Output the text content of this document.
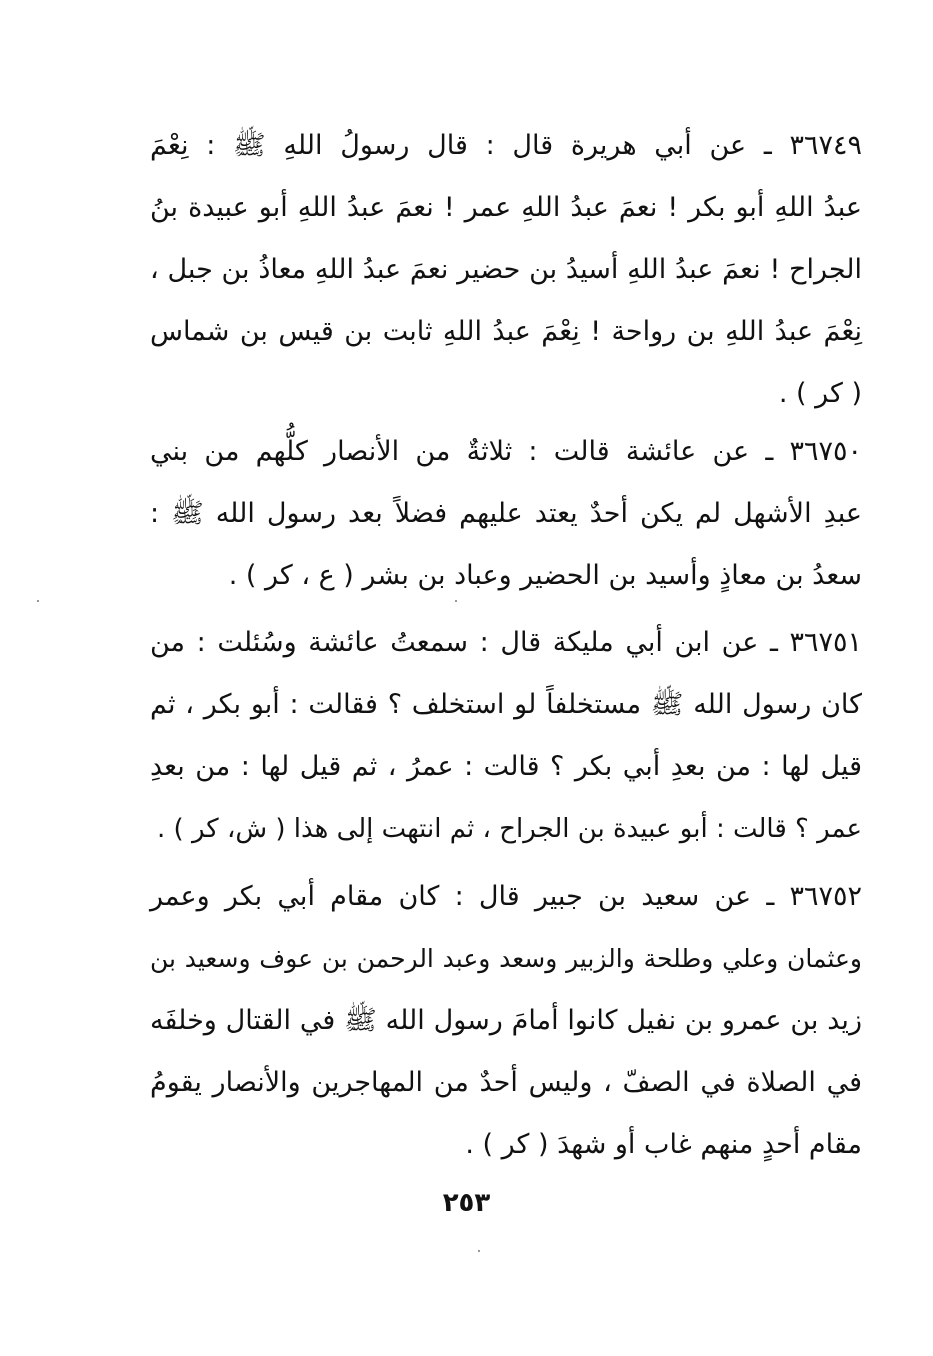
٣٦٧٤٩ ـ عن أبي هريرة قال : قال رسولُ اللهِ ﷺ : نِعْمَ
عبدُ اللهِ أبو بكر ! نعمَ عبدُ اللهِ عمر ! نعمَ عبدُ اللهِ أبو عبيدة بنُ
الجراح ! نعمَ عبدُ اللهِ أسيدُ بن حضير نعمَ عبدُ اللهِ معاذُ بن جبل ،
نِعْمَ عبدُ اللهِ بن رواحة ! نِعْمَ عبدُ اللهِ ثابت بن قيس بن شماس
( كر ) .
٣٦٧٥٠ ـ عن عائشة قالت : ثلاثةٌ من الأنصار كلُّهم من بني
عبدِ الأشهل لم يكن أحدٌ يعتد عليهم فضلاً بعد رسول الله ﷺ :
سعدُ بن معاذٍ وأسيد بن الحضير وعباد بن بشر ( ع ، كر ) .
٣٦٧٥١ ـ عن ابن أبي مليكة قال : سمعتُ عائشة وسُئلت : من
كان رسول الله ﷺ مستخلفاً لو استخلف ؟ فقالت : أبو بكر ، ثم
قيل لها : من بعدِ أبي بكر ؟ قالت : عمرُ ، ثم قيل لها : من بعدِ
عمر ؟ قالت : أبو عبيدة بن الجراح ، ثم انتهت إلى هذا ( ش، كر ) .
٣٦٧٥٢ ـ عن سعيد بن جبير قال : كان مقام أبي بكر وعمر
وعثمان وعلي وطلحة والزبير وسعد وعبد الرحمن بن عوف وسعيد بن
زيد بن عمرو بن نفيل كانوا أمامَ رسول الله ﷺ في القتال وخلفَه
في الصلاة في الصفّ ، وليس أحدٌ من المهاجرين والأنصار يقومُ
مقام أحدٍ منهم غاب أو شهدَ ( كر ) .
٢٥٣
